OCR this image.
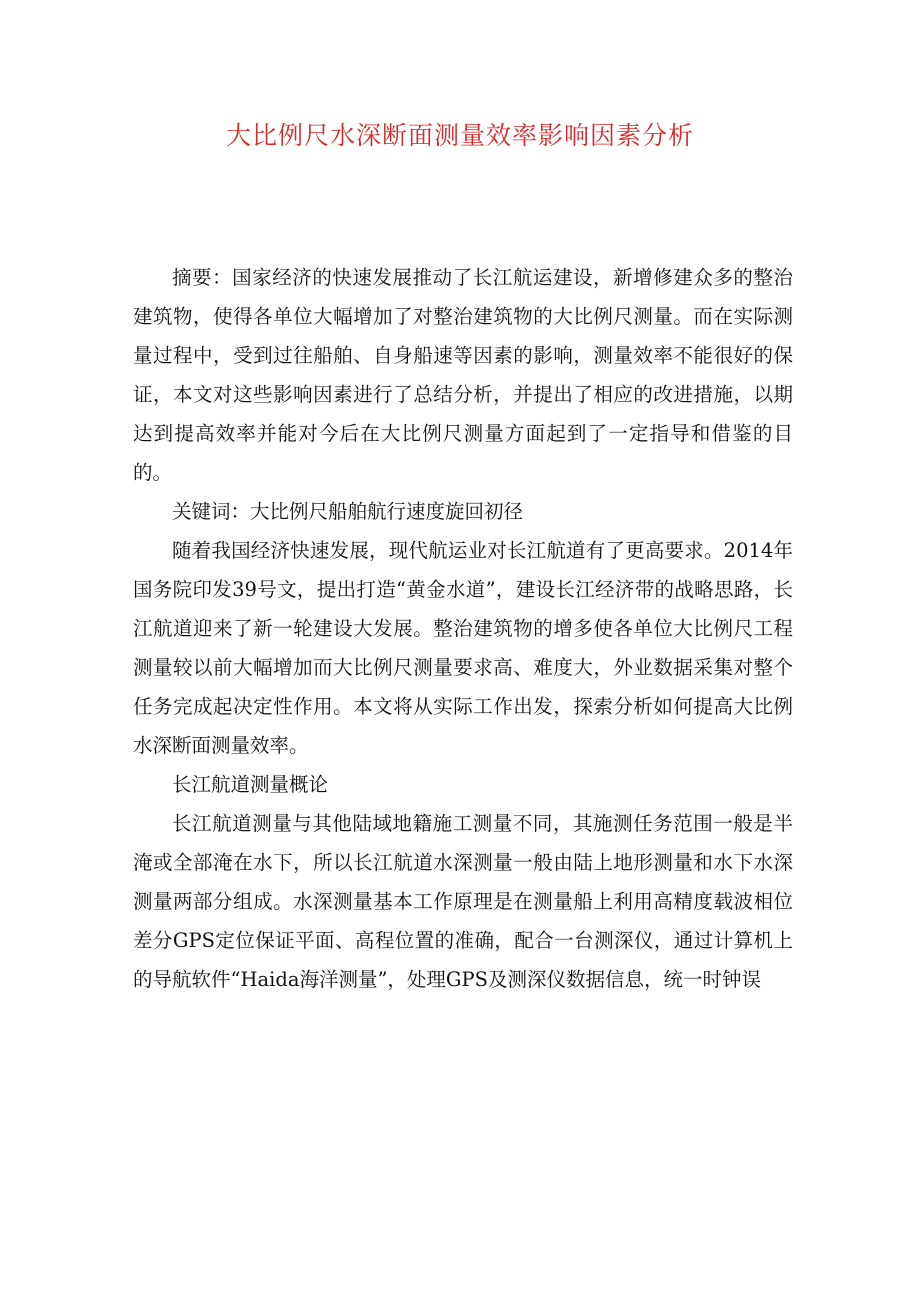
大比例尺水深断面测量效率影响因素分析

摘要：国家经济的快速发展推动了长江航运建设，新增修建众多的整治建筑物，使得各单位大幅增加了对整治建筑物的大比例尺测量。而在实际测量过程中，受到过往船舶、自身船速等因素的影响，测量效率不能很好的保证，本文对这些影响因素进行了总结分析，并提出了相应的改进措施，以期达到提高效率并能对今后在大比例尺测量方面起到了一定指导和借鉴的目的。

关键词：大比例尺船舶航行速度旋回初径

随着我国经济快速发展，现代航运业对长江航道有了更高要求。2014年国务院印发39号文，提出打造“黄金水道”，建设长江经济带的战略思路，长江航道迎来了新一轮建设大发展。整治建筑物的增多使各单位大比例尺工程测量较以前大幅增加而大比例尺测量要求高、难度大，外业数据采集对整个任务完成起决定性作用。本文将从实际工作出发，探索分析如何提高大比例水深断面测量效率。

长江航道测量概论

长江航道测量与其他陆域地籍施工测量不同，其施测任务范围一般是半淹或全部淹在水下，所以长江航道水深测量一般由陆上地形测量和水下水深测量两部分组成。水深测量基本工作原理是在测量船上利用高精度载波相位差分GPS定位保证平面、高程位置的准确，配合一台测深仪，通过计算机上的导航软件“Haida海洋测量”，处理GPS及测深仪数据信息，统一时钟误
